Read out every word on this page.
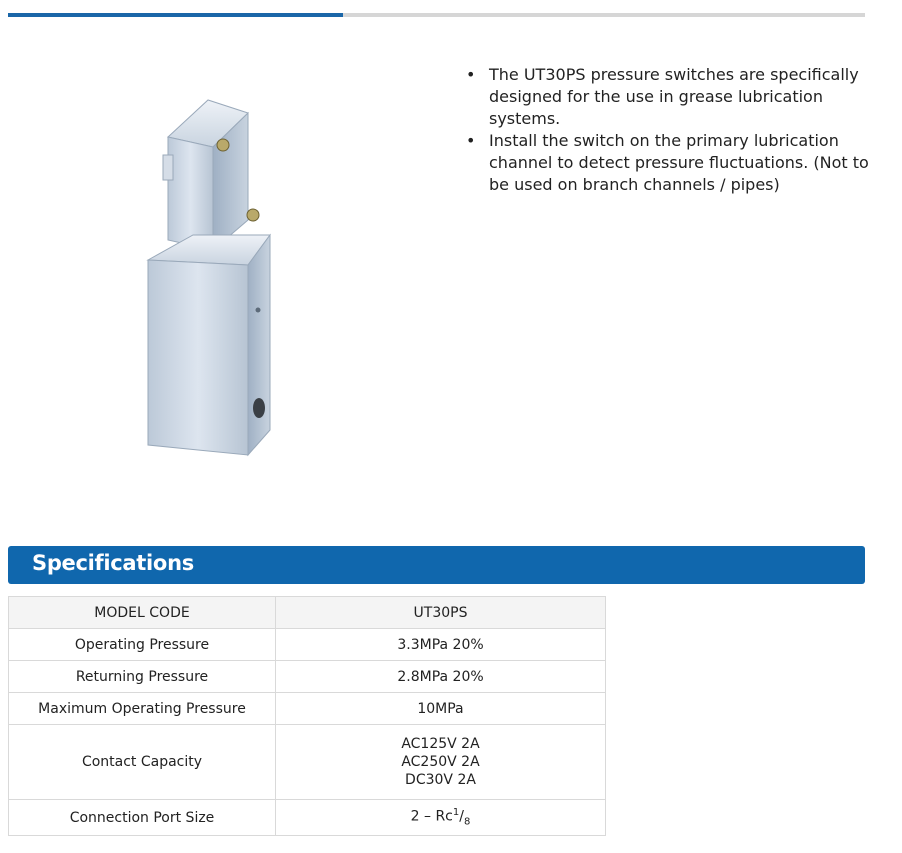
• The UT30PS pressure switches are specifically designed for the use in grease lubrication systems.
• Install the switch on the primary lubrication channel to detect pressure fluctuations. (Not to be used on branch channels / pipes)
Specifications
MODEL CODE	UT30PS
Operating Pressure	3.3MPa 20%
Returning Pressure	2.8MPa 20%
Maximum Operating Pressure	10MPa
Contact Capacity	AC125V 2A
AC250V 2A
DC30V 2A

Connection Port Size	$2 - Rc^1/_8$
